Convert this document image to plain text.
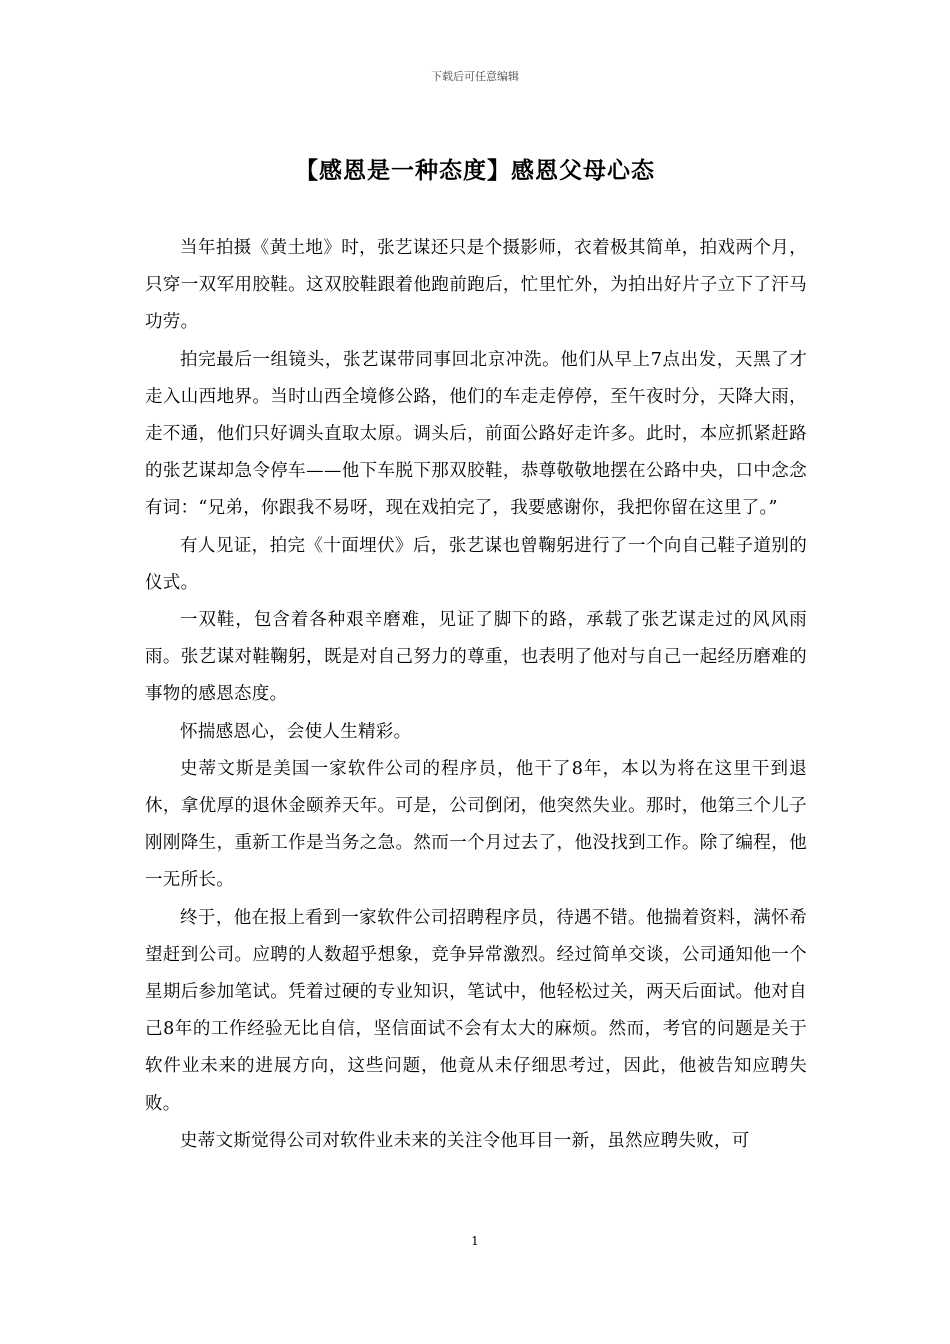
下载后可任意编辑
【感恩是一种态度】感恩父母心态

当年拍摄《黄土地》时，张艺谋还只是个摄影师，衣着极其简单，拍戏两个月，只穿一双军用胶鞋。这双胶鞋跟着他跑前跑后，忙里忙外，为拍出好片子立下了汗马功劳。

拍完最后一组镜头，张艺谋带同事回北京冲洗。他们从早上7点出发，天黑了才走入山西地界。当时山西全境修公路，他们的车走走停停，至午夜时分，天降大雨，走不通，他们只好调头直取太原。调头后，前面公路好走许多。此时，本应抓紧赶路的张艺谋却急令停车——他下车脱下那双胶鞋，恭尊敬敬地摆在公路中央，口中念念有词：“兄弟，你跟我不易呀，现在戏拍完了，我要感谢你，我把你留在这里了。”

有人见证，拍完《十面埋伏》后，张艺谋也曾鞠躬进行了一个向自己鞋子道别的仪式。

一双鞋，包含着各种艰辛磨难，见证了脚下的路，承载了张艺谋走过的风风雨雨。张艺谋对鞋鞠躬，既是对自己努力的尊重，也表明了他对与自己一起经历磨难的事物的感恩态度。

怀揣感恩心，会使人生精彩。

史蒂文斯是美国一家软件公司的程序员，他干了8年，本以为将在这里干到退休，拿优厚的退休金颐养天年。可是，公司倒闭，他突然失业。那时，他第三个儿子刚刚降生，重新工作是当务之急。然而一个月过去了，他没找到工作。除了编程，他一无所长。

终于，他在报上看到一家软件公司招聘程序员，待遇不错。他揣着资料，满怀希望赶到公司。应聘的人数超乎想象，竞争异常激烈。经过简单交谈，公司通知他一个星期后参加笔试。凭着过硬的专业知识，笔试中，他轻松过关，两天后面试。他对自己8年的工作经验无比自信，坚信面试不会有太大的麻烦。然而，考官的问题是关于软件业未来的进展方向，这些问题，他竟从未仔细思考过，因此，他被告知应聘失败。

史蒂文斯觉得公司对软件业未来的关注令他耳目一新，虽然应聘失败，可

1
